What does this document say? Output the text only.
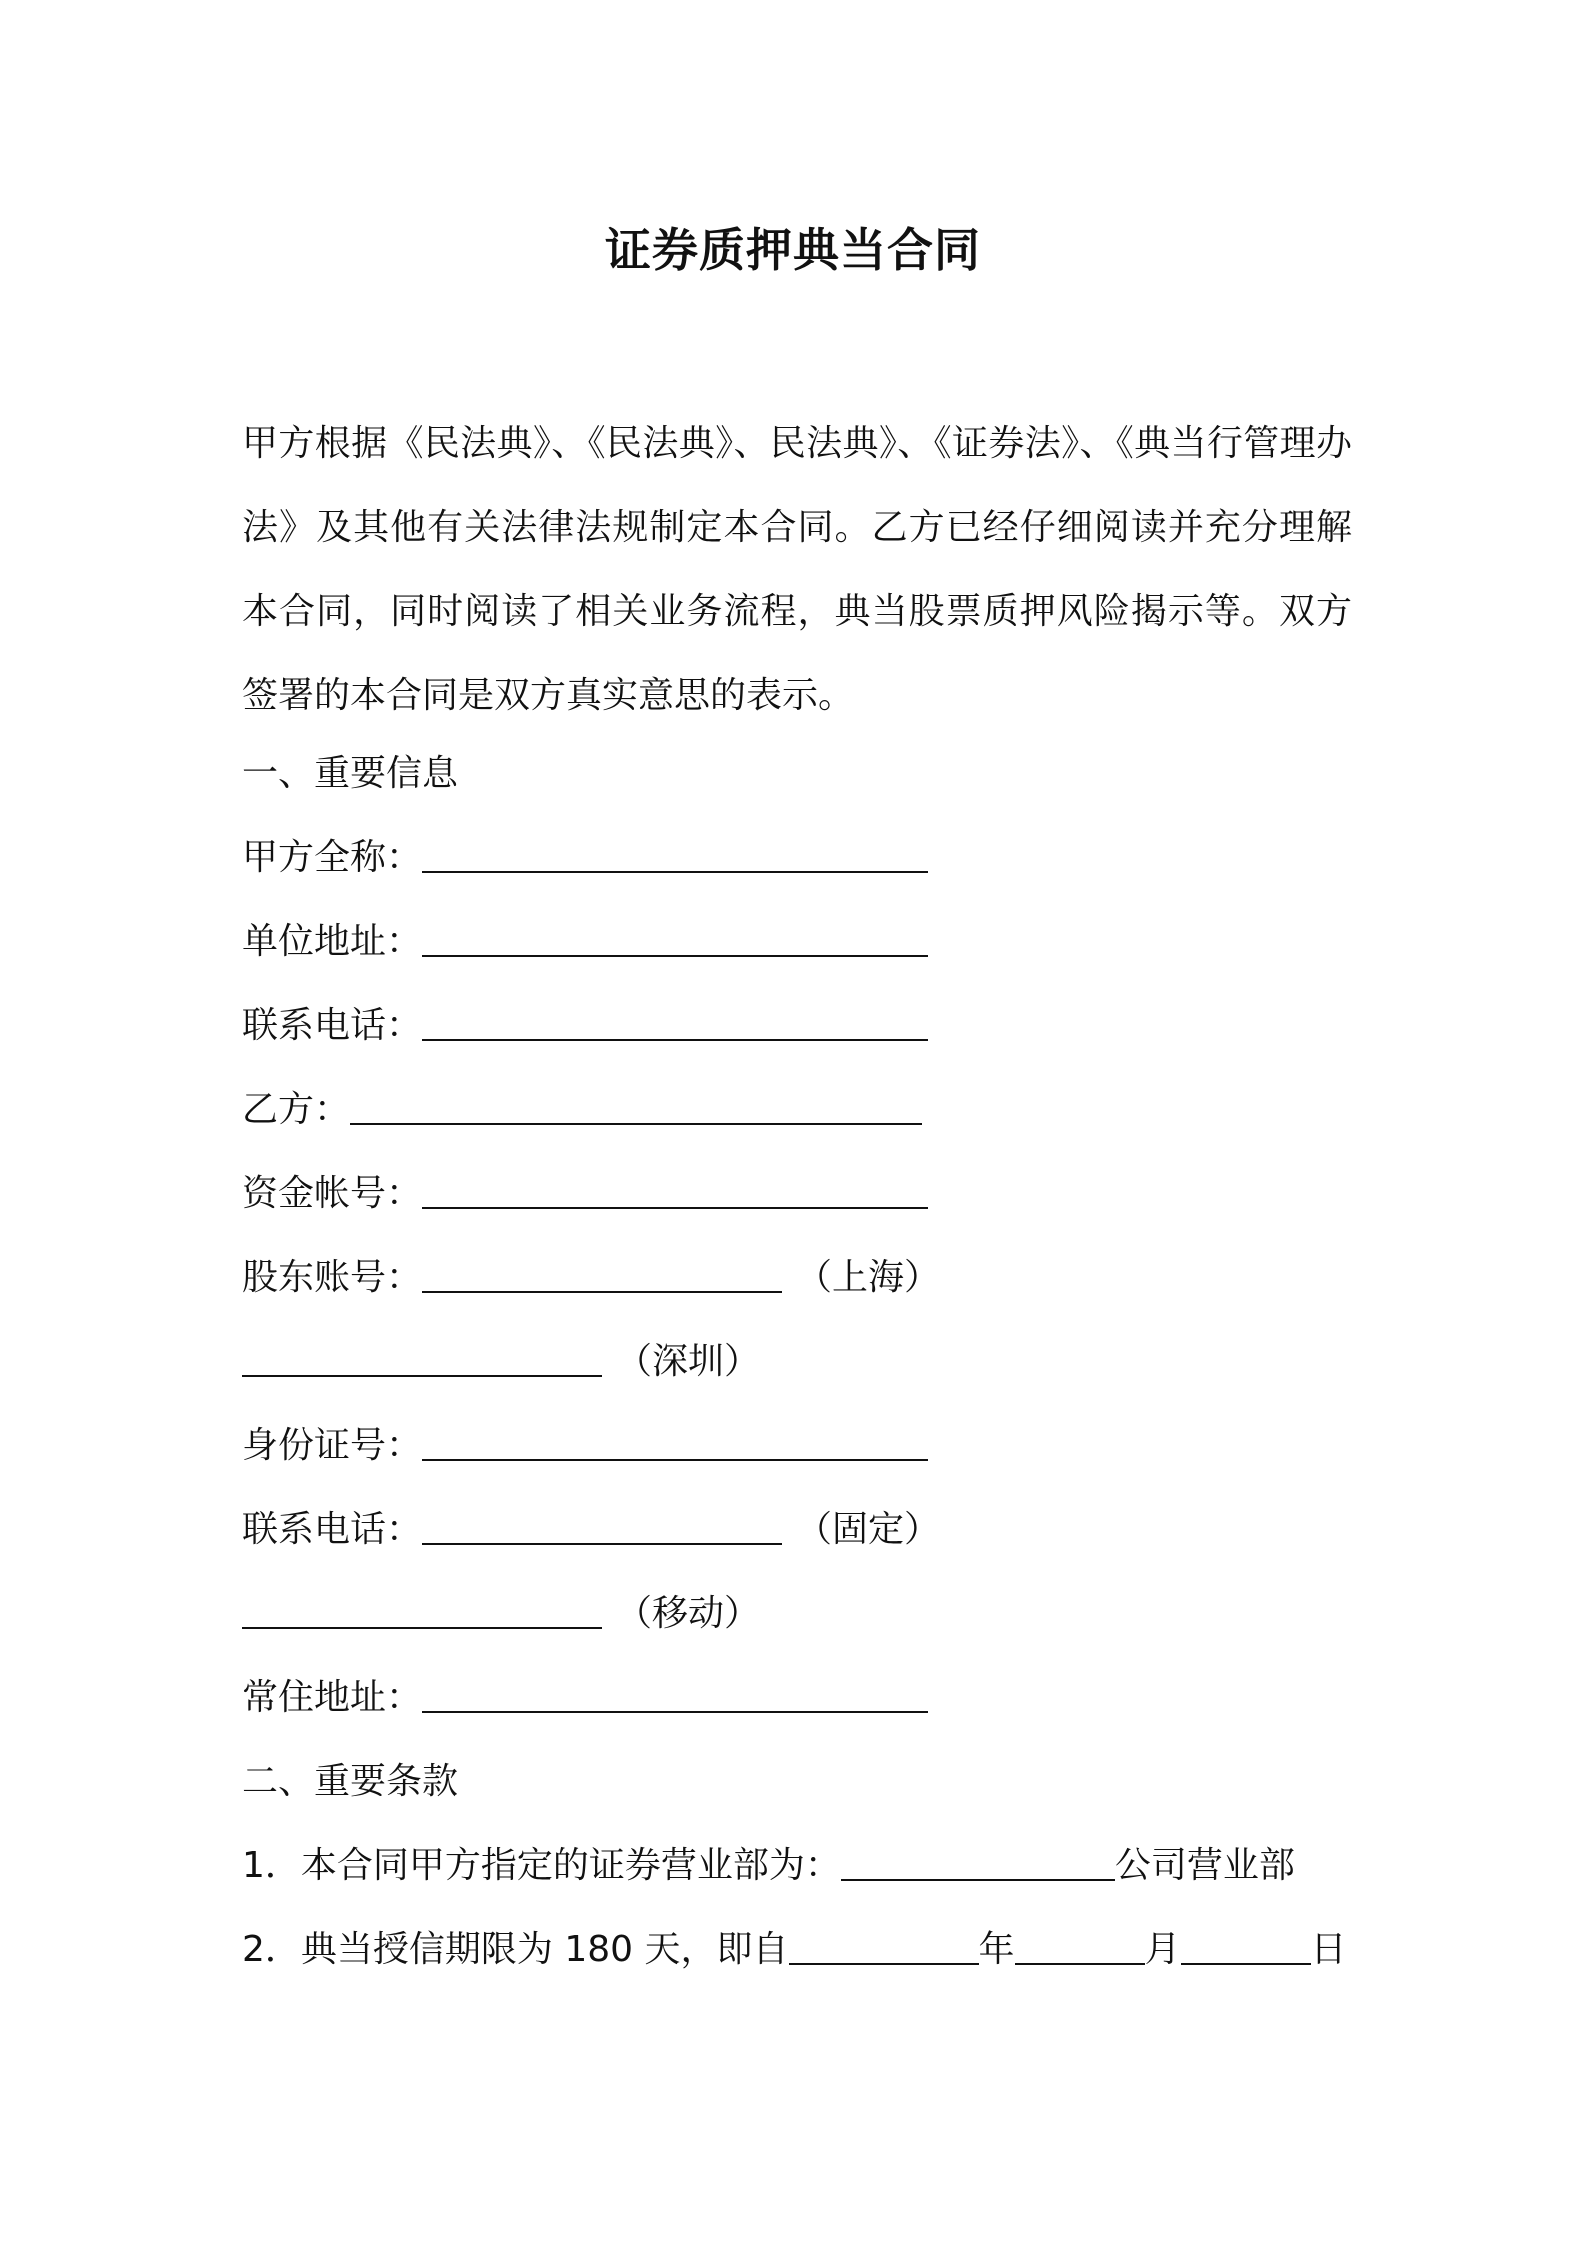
证券质押典当合同
甲方根据《民法典》、《民法典》、民法典》、《证券法》、《典当行管理办法》及其他有关法律法规制定本合同。乙方已经仔细阅读并充分理解本合同，同时阅读了相关业务流程，典当股票质押风险揭示等。双方签署的本合同是双方真实意思的表示。
一、重要信息
甲方全称：
单位地址：
联系电话：
乙方：
资金帐号：
股东账号：	（上海）
（深圳）
身份证号：
联系电话：	（固定）
（移动）
常住地址：
二、重要条款
1．本合同甲方指定的证券营业部为：	公司营业部
2．典当授信期限为 180 天，即自	年	月	日
